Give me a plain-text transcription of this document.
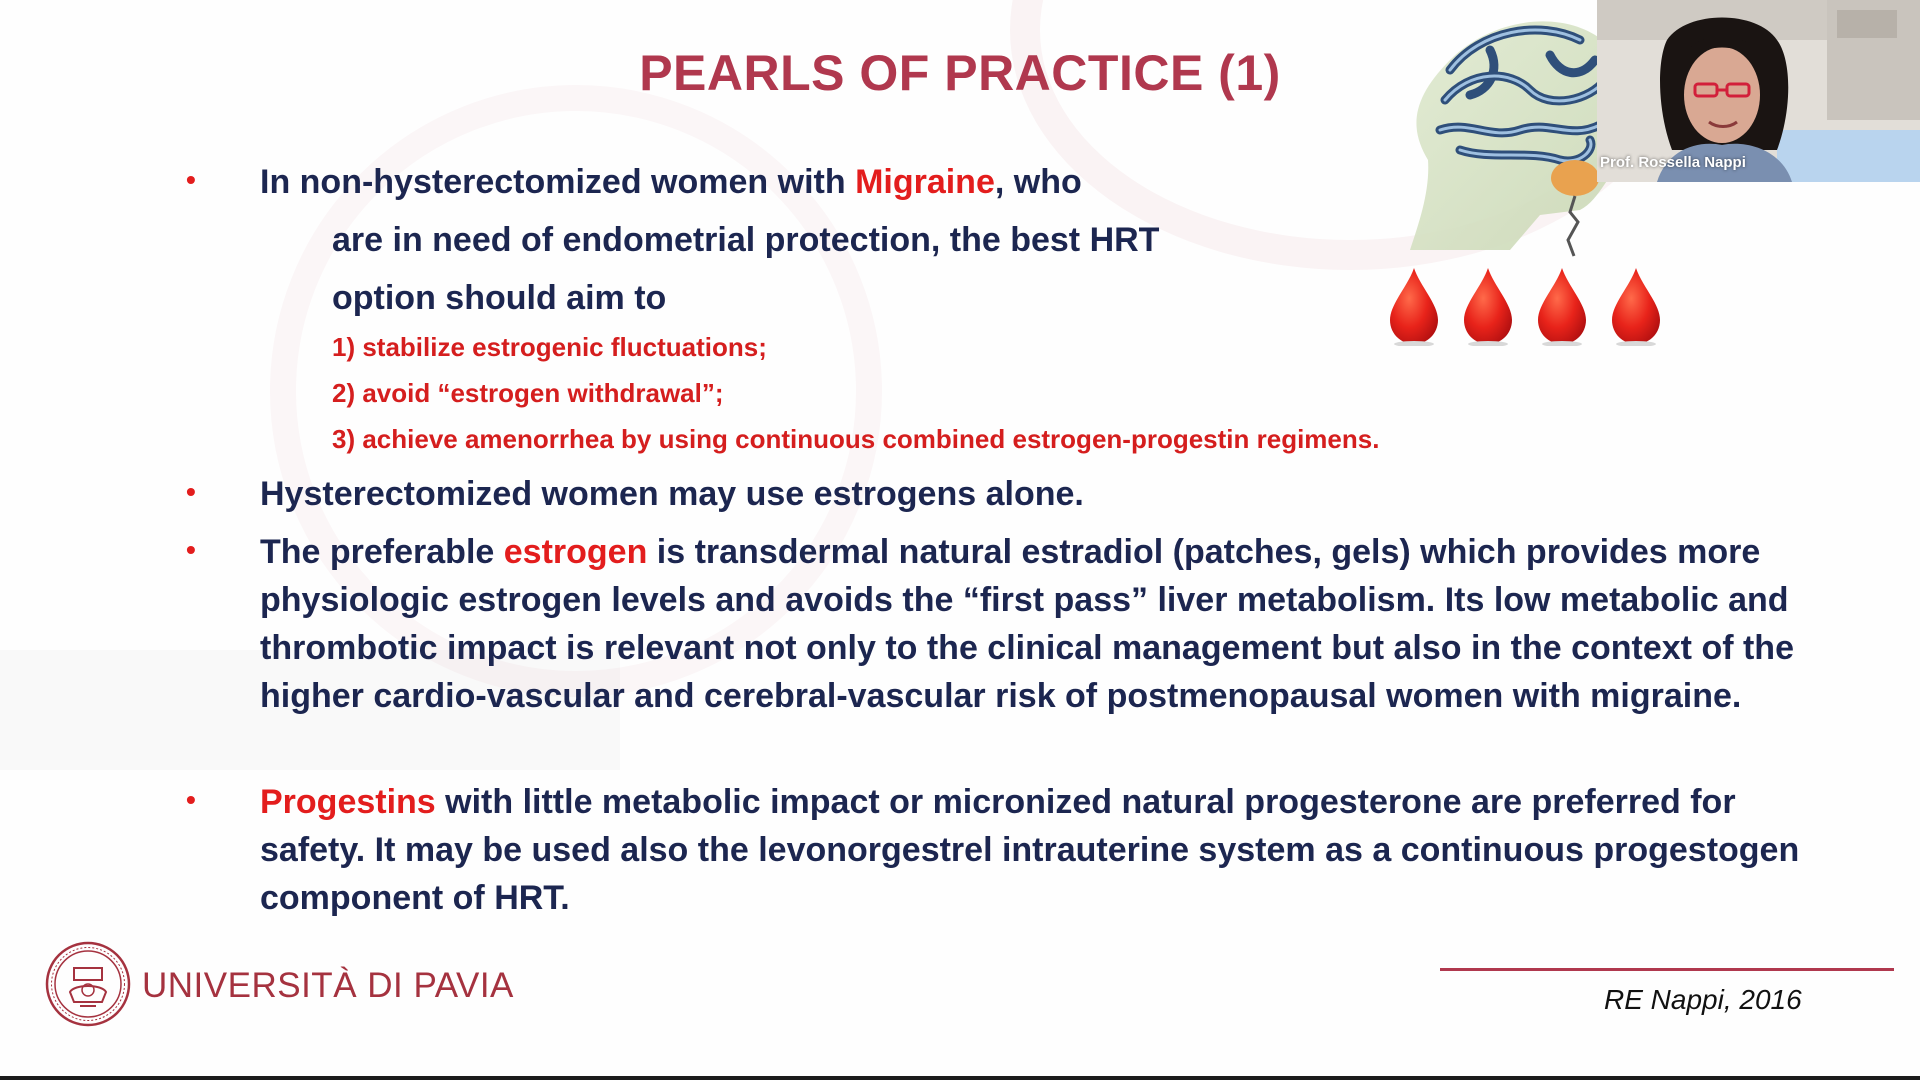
PEARLS OF PRACTICE (1)
• In non-hysterectomized women with Migraine, who
are in need of endometrial protection, the best HRT
option should aim to
1) stabilize estrogenic fluctuations;
2) avoid “estrogen withdrawal”;
3) achieve amenorrhea by using continuous combined estrogen-progestin regimens.
• Hysterectomized women may use estrogens alone.
• The preferable estrogen is transdermal natural estradiol (patches, gels) which provides more physiologic estrogen levels and avoids the “first pass” liver metabolism. Its low metabolic and thrombotic impact is relevant not only to the clinical management but also in the context of the higher cardio-vascular and cerebral-vascular risk of postmenopausal women with migraine.
• Progestins with little metabolic impact or micronized natural progesterone are preferred for safety. It may be used also the levonorgestrel intrauterine system as a continuous progestogen component of HRT.
UNIVERSITÀ DI PAVIA	RE Nappi, 2016
Prof. Rossella Nappi
